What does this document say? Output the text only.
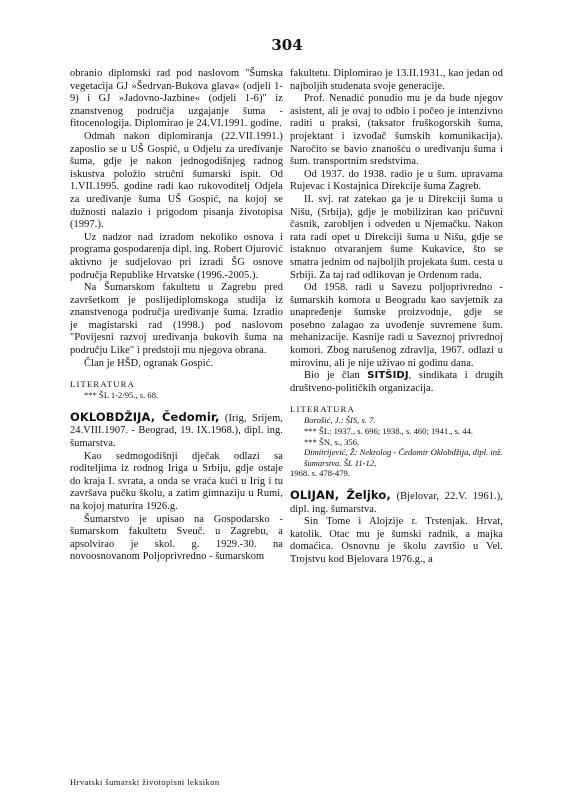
304

obranio diplomski rad pod naslovom "Šumska vegetacija GJ »Šedrvan-Bukova glava« (odjeli 1-9) i GJ »Jadovno-Jazbine« (odjeli 1-6)" iz znanstvenog područja uzgajanje šuma - fitocenologija. Diplomirao je 24.VI.1991. godine.

Odmah nakon diplomiranja (22.VII.1991.) zaposlio se u UŠ Gospić, u Odjelu za uređivanje šuma, gdje je nakon jednogodišnjeg radnog iskustva položio stručni šumarski ispit. Od 1.VII.1995. godine radi kao rukovoditelj Odjela za uređivanje šuma UŠ Gospić, na kojoj se dužnosti nalazio i prigodom pisanja životopisa (1997.).

Uz nadzor nad izradom nekoliko osnova i programa gospodarenja dipl. ing. Robert Ojurović aktivno je sudjelovao pri izradi ŠG osnove područja Republike Hrvatske (1996.-2005.).

Na Šumarskom fakultetu u Zagrebu pred završetkom je poslijediplomskoga studija iz znanstvenoga područja uređivanje šuma. Izradio je magistarski rad (1998.) pod naslovom "Povijesni razvoj uređivanja bukovih šuma na području Like" i predstoji mu njegova obrana.

Član je HŠD, ogranak Gospić.

LITERATURA
*** ŠL 1-2/95., s. 68.

OKLOBDŽIJA, Čedomir, (Irig, Srijem, 24.VIII.1907. - Beograd, 19. IX.1968.), dipl. ing. šumarstva.

Kao sedmogodišnji dječak odlazi sa roditeljima iz rodnog Iriga u Srbiju, gdje ostaje do kraja I. svrata, a onda se vraća kući u Irig i tu završava pučku školu, a zatim gimnaziju u Rumi, na kojoj maturira 1926.g.

Šumarstvo je upisao na Gospodarsko - šumarskom fakultetu Sveuč. u Zagrebu, a apsolvirao je skol. g. 1929.-30. na novoosnovanom Poljoprivredno - šumarskom

fakultetu. Diplomirao je 13.II.1931., kao jedan od najboljih studenata svoje generacije.

Prof. Nenadić ponudio mu je da bude njegov asistent, ali je ovaj to odbio i počeo je intenzivno raditi u praksi, (taksator fruškogorskih šuma, projektant i izvođač šumskih komunikacija). Naročito se bavio znanošću o uređivanju šuma i šum. transportnim sredstvima.

Od 1937. do 1938. radio je u šum. upravama Rujevac i Kostajnica Direkcije šuma Zagreb.

II. svj. rat zatekao ga je u Direkciji šuma u Nišu, (Srbija), gdje je mobiliziran kao pričuvni časnik, zarobljen i odveden u Njemačku. Nakon rata radi opet u Direkciji šuma u Nišu, gdje se istaknuo otvaranjem šume Kukavice, što se smatra jednim od najboljih projekata šum. cesta u Srbiji. Za taj rad odlikovan je Ordenom rada.

Od 1958. radi u Savezu poljoprivredno - šumarskih komora u Beogradu kao savjetnik za unapređenje šumske proizvodnje, gdje se posebno zalagao za uvođenje suvremene šum. mehanizacije. Kasnije radi u Saveznoj privrednoj komori. Zbog narušenog zdravlja, 1967. odlazi u mirovinu, ali je nije uživao ni godinu dana.

Bio je član SITŠIDJ, sindikata i drugih društveno-političkih organizacija.

LITERATURA
Borošić, J.: ŠIS, s. 7.
*** ŠL: 1937., s. 696; 1938., s. 460; 1941., s. 44.
*** ŠN, s., 356.
Dimitrijević, Ž: Nekrolog - Čedomir Oklobdžija, dipl. inž. šumarstva. ŠL 11-12,
1968. s. 478-479.

OLIJAN, Željko, (Bjelovar, 22.V. 1961.), dipl. ing. šumarstva.

Sin Tome i Alojzije r. Trstenjak. Hrvat, katolik. Otac mu je šumski radnik, a majka domaćica. Osnovnu je školu završio u Vel. Trojstvu kod Bjelovara 1976.g., a

Hrvatski šumarski životopisni leksikon
